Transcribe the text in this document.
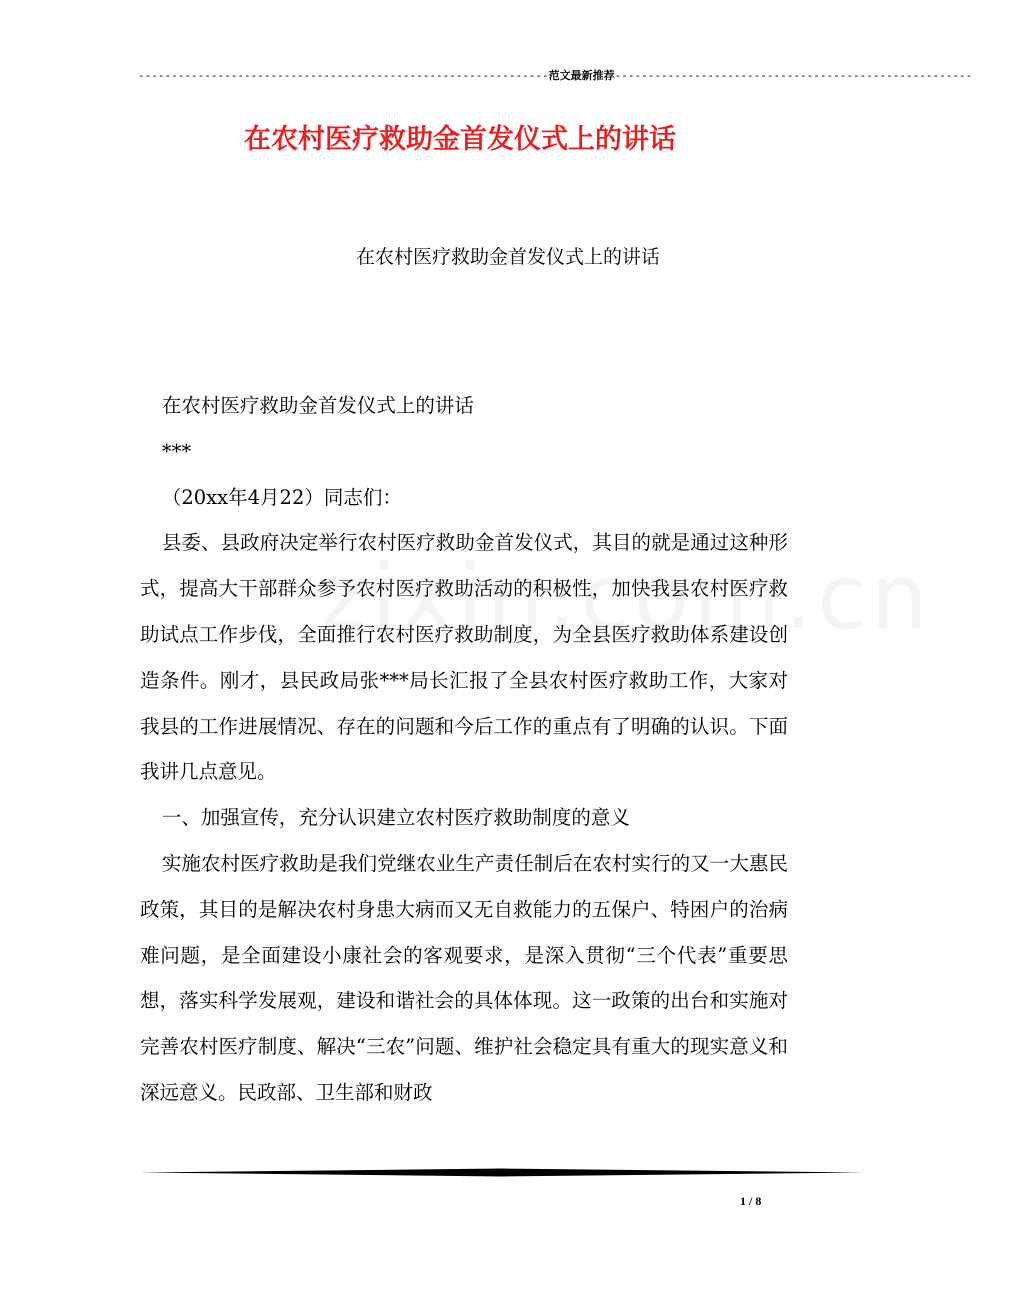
--------------------------------------------------------------范文最新推荐------------------------------------------------------
在农村医疗救助金首发仪式上的讲话
在农村医疗救助金首发仪式上的讲话

在农村医疗救助金首发仪式上的讲话

***

（20xx年4月22）同志们：

县委、县政府决定举行农村医疗救助金首发仪式，其目的就是通过这种形式，提高大干部群众参予农村医疗救助活动的积极性，加快我县农村医疗救助试点工作步伐，全面推行农村医疗救助制度，为全县医疗救助体系建设创造条件。刚才，县民政局张***局长汇报了全县农村医疗救助工作，大家对我县的工作进展情况、存在的问题和今后工作的重点有了明确的认识。下面我讲几点意见。

一、加强宣传，充分认识建立农村医疗救助制度的意义

实施农村医疗救助是我们党继农业生产责任制后在农村实行的又一大惠民政策，其目的是解决农村身患大病而又无自救能力的五保户、特困户的治病难问题，是全面建设小康社会的客观要求，是深入贯彻“三个代表”重要思想，落实科学发展观，建设和谐社会的具体体现。这一政策的出台和实施对完善农村医疗制度、解决“三农”问题、维护社会稳定具有重大的现实意义和深远意义。民政部、卫生部和财政

1 / 8
